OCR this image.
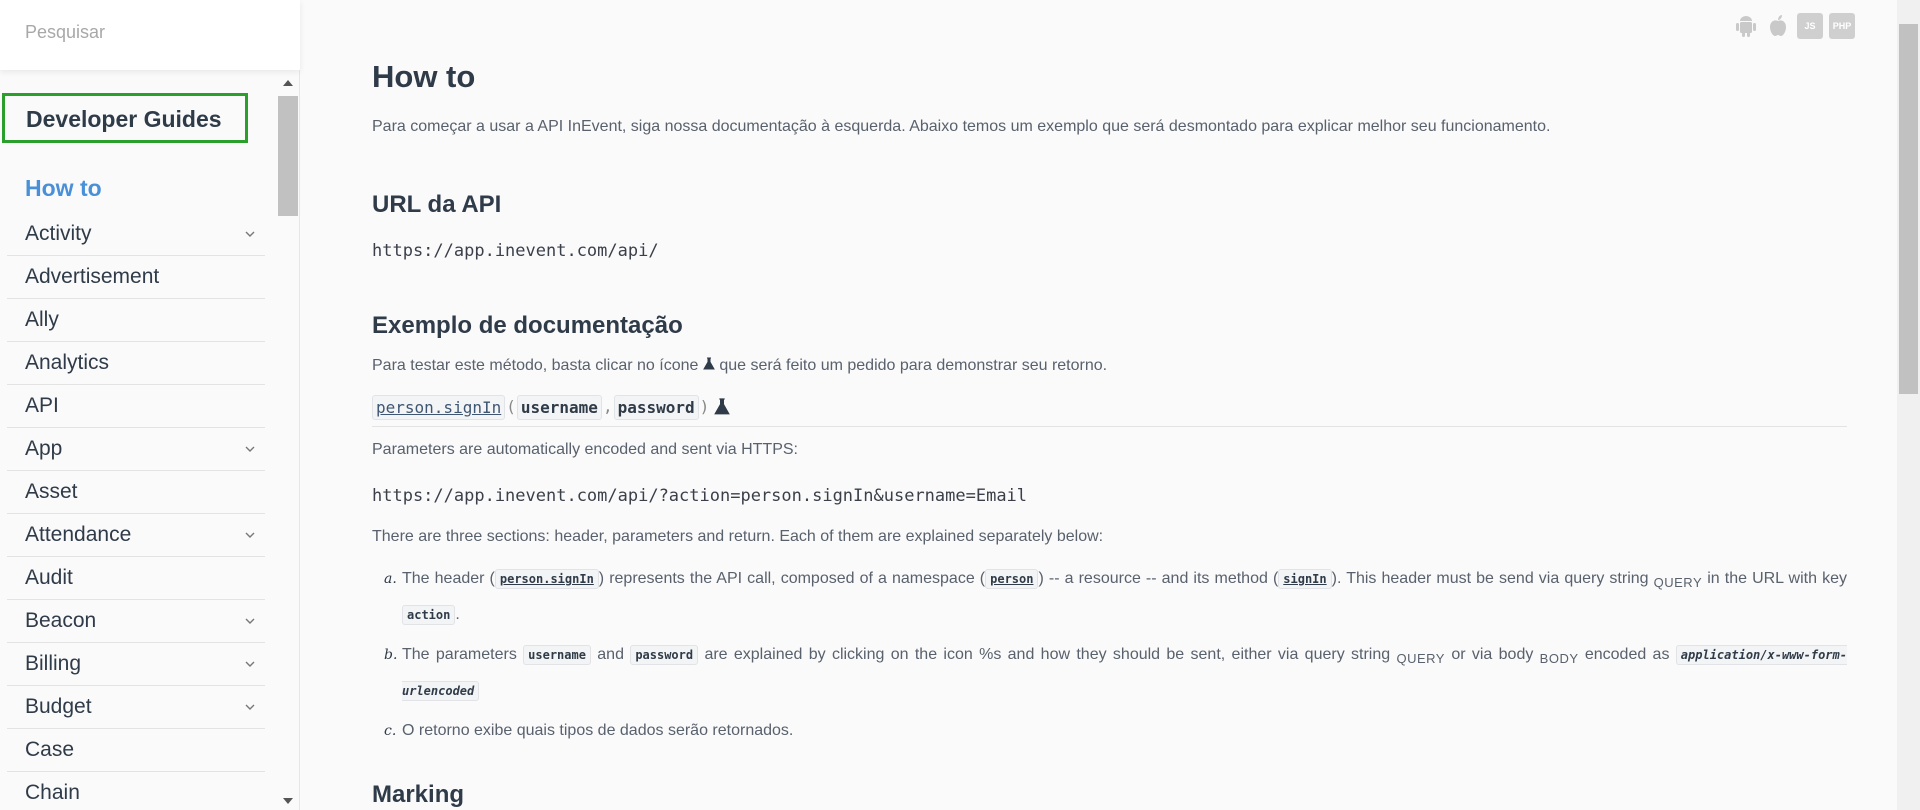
Pesquisar
Developer Guides
How to
Activity
Advertisement
Ally
Analytics
API
App
Asset
Attendance
Audit
Beacon
Billing
Budget
Case
Chain
JS	PHP
How to

Para começar a usar a API InEvent, siga nossa documentação à esquerda. Abaixo temos um exemplo que será desmontado para explicar melhor seu funcionamento.

URL da API
https://app.inevent.com/api/
Exemplo de documentação

Para testar este método, basta clicar no ícone que será feito um pedido para demonstrar seu retorno.

person.signIn ( username , password )

Parameters are automatically encoded and sent via HTTPS:

https://app.inevent.com/api/?action=person.signIn&username=Email

There are three sections: header, parameters and return. Each of them are explained separately below:

a. The header ( person.signIn ) represents the API call, composed of a namespace ( person ) -- a resource -- and its method ( signIn ). This header must be send via query string $_{QUERY}$ in the URL with key action .
b. The parameters username and password are explained by clicking on the icon %s and how they should be sent, either via query string $_{QUERY}$ or via body $_{BODY}$ encoded as application/x-www-form-urlencoded
c. O retorno exibe quais tipos de dados serão retornados.
Marking
